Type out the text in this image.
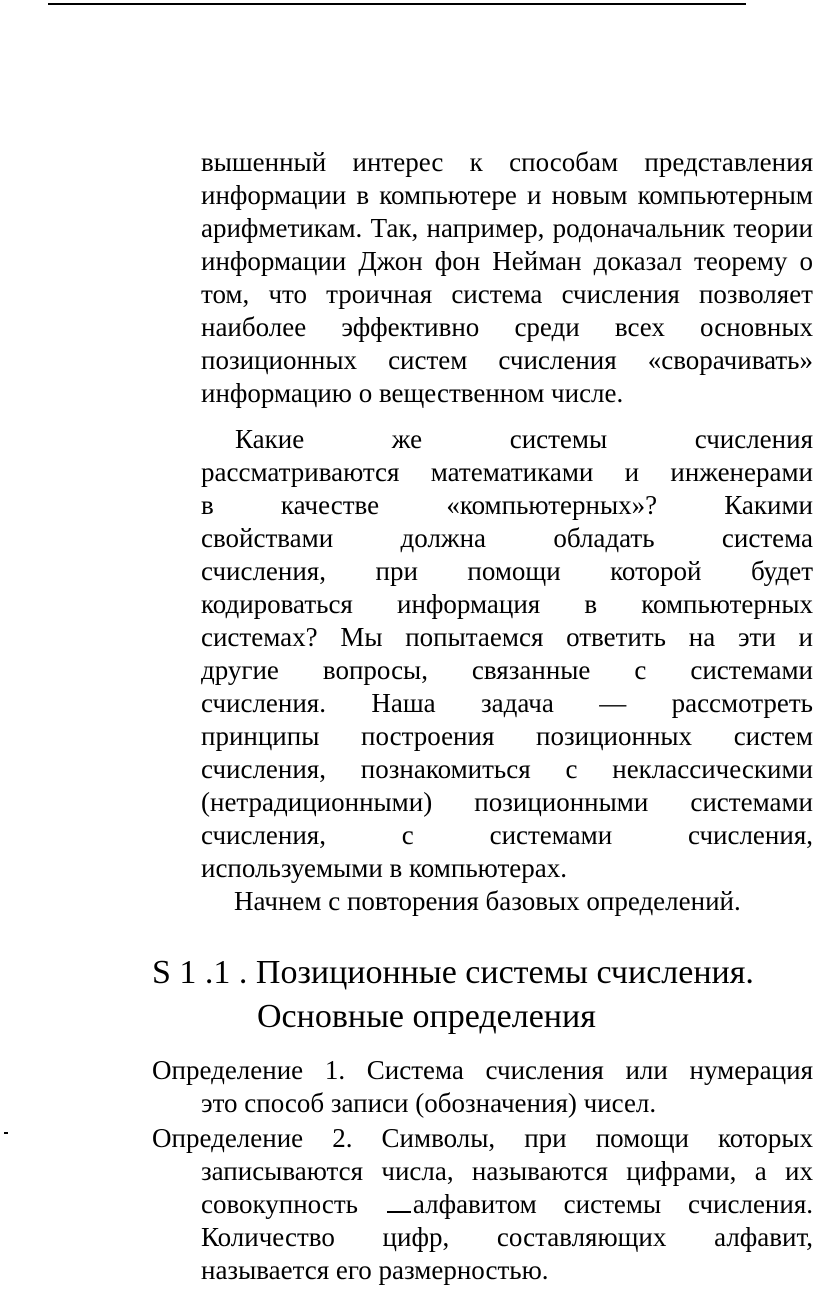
вышенный интерес к способам представления
информации в компьютере и новым компьютерным
арифметикам. Так, например, родоначальник теории
информации Джон фон Нейман доказал теорему о
том, что троичная система счисления позволяет
наиболее эффективно среди всех основных
позиционных систем счисления «сворачивать»
информацию о вещественном числе.
Какие же системы счисления
рассматриваются математиками и инженерами
в качестве «компьютерных»? Какими
свойствами должна обладать система
счисления, при помощи которой будет
кодироваться информация в компьютерных
системах? Мы попытаемся ответить на эти и
другие вопросы, связанные с системами
счисления. Наша задача — рассмотреть
принципы построения позиционных систем
счисления, познакомиться с неклассическими
(нетрадиционными) позиционными системами
счисления, с системами счисления,
используемыми в компьютерах.
Начнем с повторения базовых определений.
S 1 .1 . Позиционные системы счисления.
Основные определения
Определение 1. Система счисления или нумерация
это способ записи (обозначения) чисел.
Определение 2. Символы, при помощи которых
записываются числа, называются цифрами, а их
совокупность алфавитом системы счисления.
Количество цифр, составляющих алфавит,
называется его размерностью.
